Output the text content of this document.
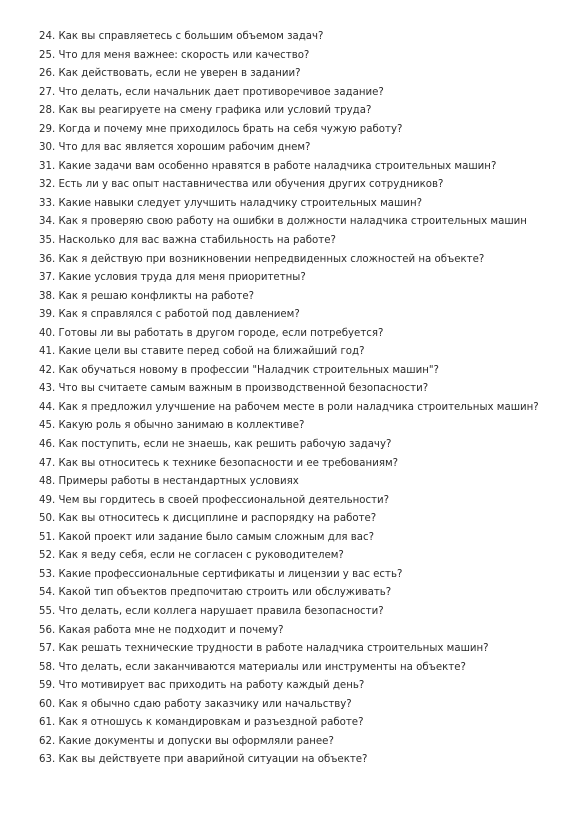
24. Как вы справляетесь с большим объемом задач?
25. Что для меня важнее: скорость или качество?
26. Как действовать, если не уверен в задании?
27. Что делать, если начальник дает противоречивое задание?
28. Как вы реагируете на смену графика или условий труда?
29. Когда и почему мне приходилось брать на себя чужую работу?
30. Что для вас является хорошим рабочим днем?
31. Какие задачи вам особенно нравятся в работе наладчика строительных машин?
32. Есть ли у вас опыт наставничества или обучения других сотрудников?
33. Какие навыки следует улучшить наладчику строительных машин?
34. Как я проверяю свою работу на ошибки в должности наладчика строительных машин
35. Насколько для вас важна стабильность на работе?
36. Как я действую при возникновении непредвиденных сложностей на объекте?
37. Какие условия труда для меня приоритетны?
38. Как я решаю конфликты на работе?
39. Как я справлялся с работой под давлением?
40. Готовы ли вы работать в другом городе, если потребуется?
41. Какие цели вы ставите перед собой на ближайший год?
42. Как обучаться новому в профессии "Наладчик строительных машин"?
43. Что вы считаете самым важным в производственной безопасности?
44. Как я предложил улучшение на рабочем месте в роли наладчика строительных машин?
45. Какую роль я обычно занимаю в коллективе?
46. Как поступить, если не знаешь, как решить рабочую задачу?
47. Как вы относитесь к технике безопасности и ее требованиям?
48. Примеры работы в нестандартных условиях
49. Чем вы гордитесь в своей профессиональной деятельности?
50. Как вы относитесь к дисциплине и распорядку на работе?
51. Какой проект или задание было самым сложным для вас?
52. Как я веду себя, если не согласен с руководителем?
53. Какие профессиональные сертификаты и лицензии у вас есть?
54. Какой тип объектов предпочитаю строить или обслуживать?
55. Что делать, если коллега нарушает правила безопасности?
56. Какая работа мне не подходит и почему?
57. Как решать технические трудности в работе наладчика строительных машин?
58. Что делать, если заканчиваются материалы или инструменты на объекте?
59. Что мотивирует вас приходить на работу каждый день?
60. Как я обычно сдаю работу заказчику или начальству?
61. Как я отношусь к командировкам и разъездной работе?
62. Какие документы и допуски вы оформляли ранее?
63. Как вы действуете при аварийной ситуации на объекте?
